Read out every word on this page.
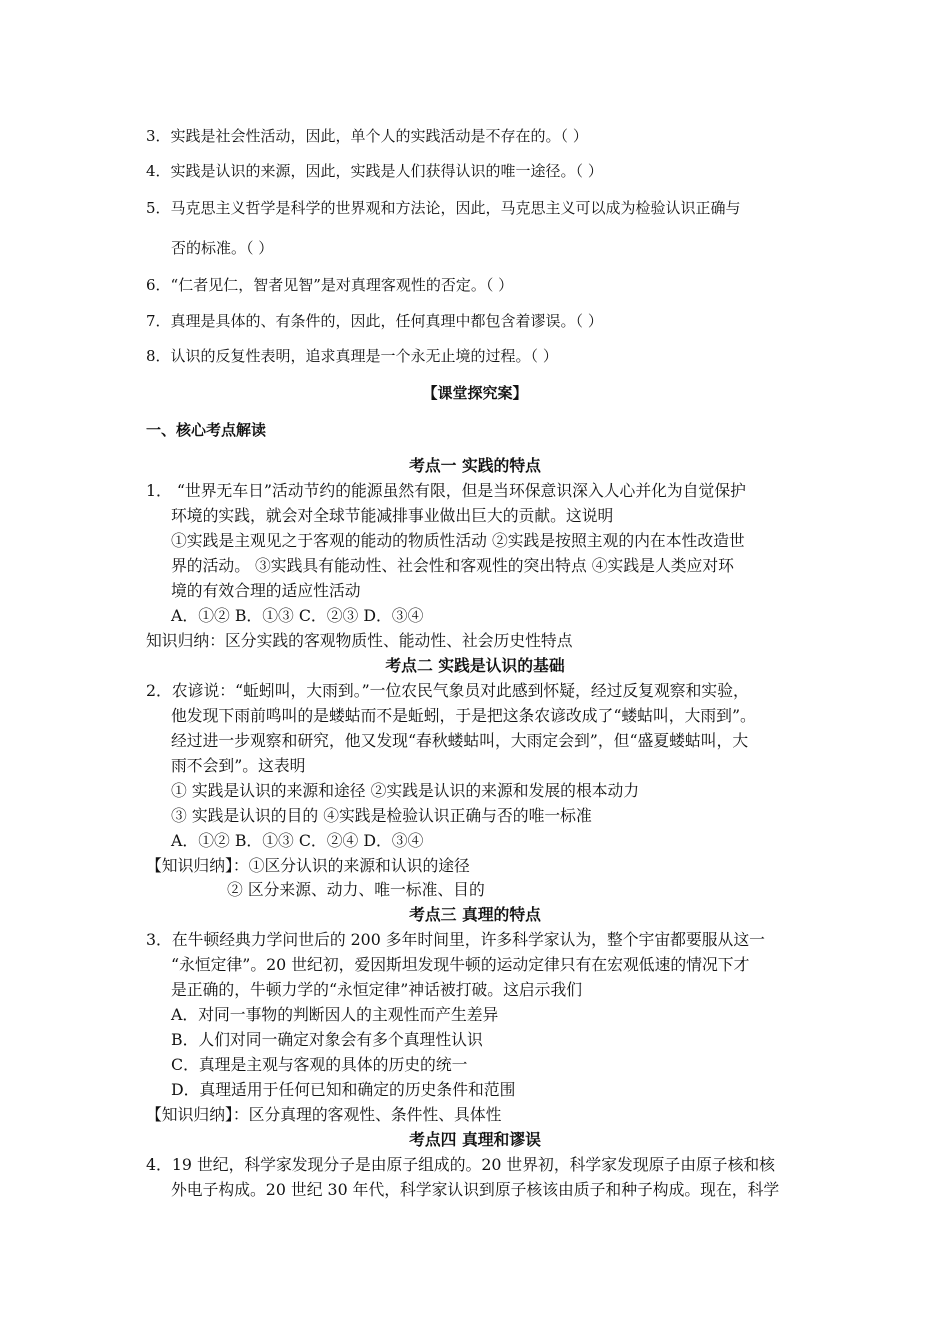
3．实践是社会性活动，因此，单个人的实践活动是不存在的。（ ）
4．实践是认识的来源，因此，实践是人们获得认识的唯一途径。（ ）
5．马克思主义哲学是科学的世界观和方法论，因此，马克思主义可以成为检验认识正确与
否的标准。（ ）
6．“仁者见仁，智者见智”是对真理客观性的否定。（ ）
7．真理是具体的、有条件的，因此，任何真理中都包含着谬误。（ ）
8．认识的反复性表明，追求真理是一个永无止境的过程。（ ）
【课堂探究案】
一、核心考点解读
考点一 实践的特点
1． “世界无车日”活动节约的能源虽然有限，但是当环保意识深入人心并化为自觉保护
环境的实践，就会对全球节能减排事业做出巨大的贡献。这说明
①实践是主观见之于客观的能动的物质性活动 ②实践是按照主观的内在本性改造世
界的活动。 ③实践具有能动性、社会性和客观性的突出特点 ④实践是人类应对环
境的有效合理的适应性活动
A．①② B．①③ C．②③ D．③④
知识归纳：区分实践的客观物质性、能动性、社会历史性特点
考点二 实践是认识的基础
2．农谚说：“蚯蚓叫，大雨到。”一位农民气象员对此感到怀疑，经过反复观察和实验，
他发现下雨前鸣叫的是蝼蛄而不是蚯蚓，于是把这条农谚改成了“蝼蛄叫，大雨到”。
经过进一步观察和研究，他又发现“春秋蝼蛄叫，大雨定会到”，但“盛夏蝼蛄叫，大
雨不会到”。这表明
① 实践是认识的来源和途径 ②实践是认识的来源和发展的根本动力
③ 实践是认识的目的 ④实践是检验认识正确与否的唯一标准
A．①② B．①③ C．②④ D．③④
【知识归纳】：①区分认识的来源和认识的途径
② 区分来源、动力、唯一标准、目的
考点三 真理的特点
3．在牛顿经典力学问世后的 200 多年时间里，许多科学家认为，整个宇宙都要服从这一
“永恒定律”。20 世纪初，爱因斯坦发现牛顿的运动定律只有在宏观低速的情况下才
是正确的，牛顿力学的“永恒定律”神话被打破。这启示我们
A．对同一事物的判断因人的主观性而产生差异
B．人们对同一确定对象会有多个真理性认识
C．真理是主观与客观的具体的历史的统一
D．真理适用于任何已知和确定的历史条件和范围
【知识归纳】：区分真理的客观性、条件性、具体性
考点四 真理和谬误
4．19 世纪，科学家发现分子是由原子组成的。20 世界初，科学家发现原子由原子核和核
外电子构成。20 世纪 30 年代，科学家认识到原子核该由质子和种子构成。现在，科学
